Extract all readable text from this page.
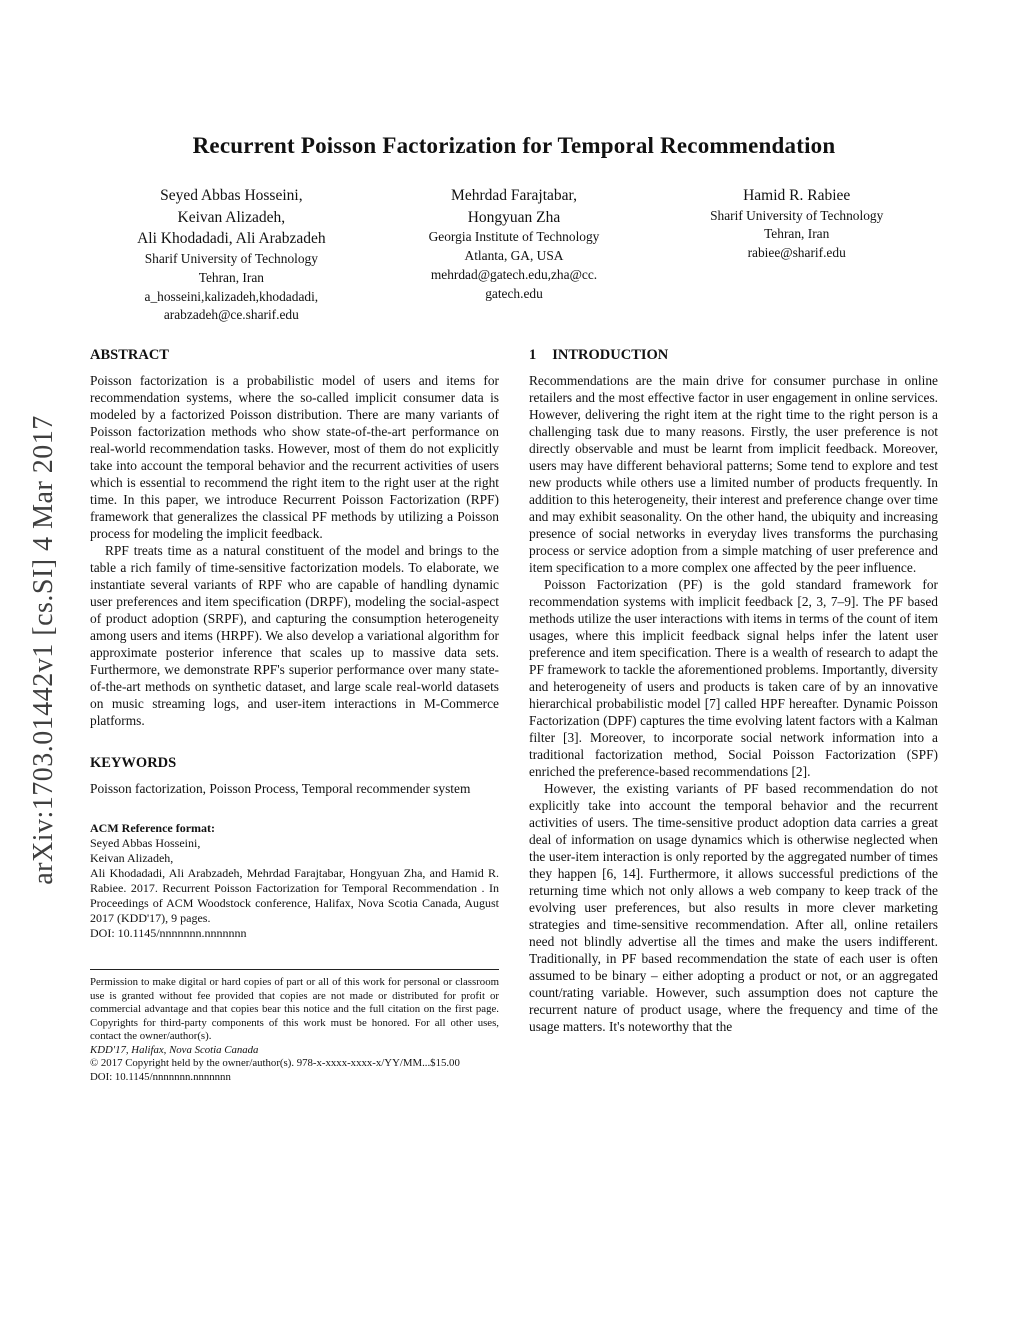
arXiv:1703.01442v1 [cs.SI] 4 Mar 2017
Recurrent Poisson Factorization for Temporal Recommendation
Seyed Abbas Hosseini,
Keivan Alizadeh,
Ali Khodadadi, Ali Arabzadeh
Sharif University of Technology
Tehran, Iran
a_hosseini,kalizadeh,khodadadi,
arabzadeh@ce.sharif.edu
Mehrdad Farajtabar,
Hongyuan Zha
Georgia Institute of Technology
Atlanta, GA, USA
mehrdad@gatech.edu,zha@cc.
gatech.edu
Hamid R. Rabiee
Sharif University of Technology
Tehran, Iran
rabiee@sharif.edu
ABSTRACT

Poisson factorization is a probabilistic model of users and items for recommendation systems, where the so-called implicit consumer data is modeled by a factorized Poisson distribution. There are many variants of Poisson factorization methods who show state-of-the-art performance on real-world recommendation tasks. However, most of them do not explicitly take into account the temporal behavior and the recurrent activities of users which is essential to recommend the right item to the right user at the right time. In this paper, we introduce Recurrent Poisson Factorization (RPF) framework that generalizes the classical PF methods by utilizing a Poisson process for modeling the implicit feedback.

RPF treats time as a natural constituent of the model and brings to the table a rich family of time-sensitive factorization models. To elaborate, we instantiate several variants of RPF who are capable of handling dynamic user preferences and item specification (DRPF), modeling the social-aspect of product adoption (SRPF), and capturing the consumption heterogeneity among users and items (HRPF). We also develop a variational algorithm for approximate posterior inference that scales up to massive data sets. Furthermore, we demonstrate RPF's superior performance over many state-of-the-art methods on synthetic dataset, and large scale real-world datasets on music streaming logs, and user-item interactions in M-Commerce platforms.

KEYWORDS

Poisson factorization, Poisson Process, Temporal recommender system

ACM Reference format:
Seyed Abbas Hosseini,
Keivan Alizadeh,
Ali Khodadadi, Ali Arabzadeh, Mehrdad Farajtabar, Hongyuan Zha, and Hamid R. Rabiee. 2017. Recurrent Poisson Factorization for Temporal Recommendation . In Proceedings of ACM Woodstock conference, Halifax, Nova Scotia Canada, August 2017 (KDD'17), 9 pages.
DOI: 10.1145/nnnnnnn.nnnnnnn
Permission to make digital or hard copies of part or all of this work for personal or classroom use is granted without fee provided that copies are not made or distributed for profit or commercial advantage and that copies bear this notice and the full citation on the first page. Copyrights for third-party components of this work must be honored. For all other uses, contact the owner/author(s).
KDD'17, Halifax, Nova Scotia Canada
© 2017 Copyright held by the owner/author(s). 978-x-xxxx-xxxx-x/YY/MM...$15.00
DOI: 10.1145/nnnnnnn.nnnnnnn
1 INTRODUCTION

Recommendations are the main drive for consumer purchase in online retailers and the most effective factor in user engagement in online services. However, delivering the right item at the right time to the right person is a challenging task due to many reasons. Firstly, the user preference is not directly observable and must be learnt from implicit feedback. Moreover, users may have different behavioral patterns; Some tend to explore and test new products while others use a limited number of products frequently. In addition to this heterogeneity, their interest and preference change over time and may exhibit seasonality. On the other hand, the ubiquity and increasing presence of social networks in everyday lives transforms the purchasing process or service adoption from a simple matching of user preference and item specification to a more complex one affected by the peer influence.

Poisson Factorization (PF) is the gold standard framework for recommendation systems with implicit feedback [2, 3, 7–9]. The PF based methods utilize the user interactions with items in terms of the count of item usages, where this implicit feedback signal helps infer the latent user preference and item specification. There is a wealth of research to adapt the PF framework to tackle the aforementioned problems. Importantly, diversity and heterogeneity of users and products is taken care of by an innovative hierarchical probabilistic model [7] called HPF hereafter. Dynamic Poisson Factorization (DPF) captures the time evolving latent factors with a Kalman filter [3]. Moreover, to incorporate social network information into a traditional factorization method, Social Poisson Factorization (SPF) enriched the preference-based recommendations [2].

However, the existing variants of PF based recommendation do not explicitly take into account the temporal behavior and the recurrent activities of users. The time-sensitive product adoption data carries a great deal of information on usage dynamics which is otherwise neglected when the user-item interaction is only reported by the aggregated number of times they happen [6, 14]. Furthermore, it allows successful predictions of the returning time which not only allows a web company to keep track of the evolving user preferences, but also results in more clever marketing strategies and time-sensitive recommendation. After all, online retailers need not blindly advertise all the times and make the users indifferent. Traditionally, in PF based recommendation the state of each user is often assumed to be binary – either adopting a product or not, or an aggregated count/rating variable. However, such assumption does not capture the recurrent nature of product usage, where the frequency and time of the usage matters. It's noteworthy that the
